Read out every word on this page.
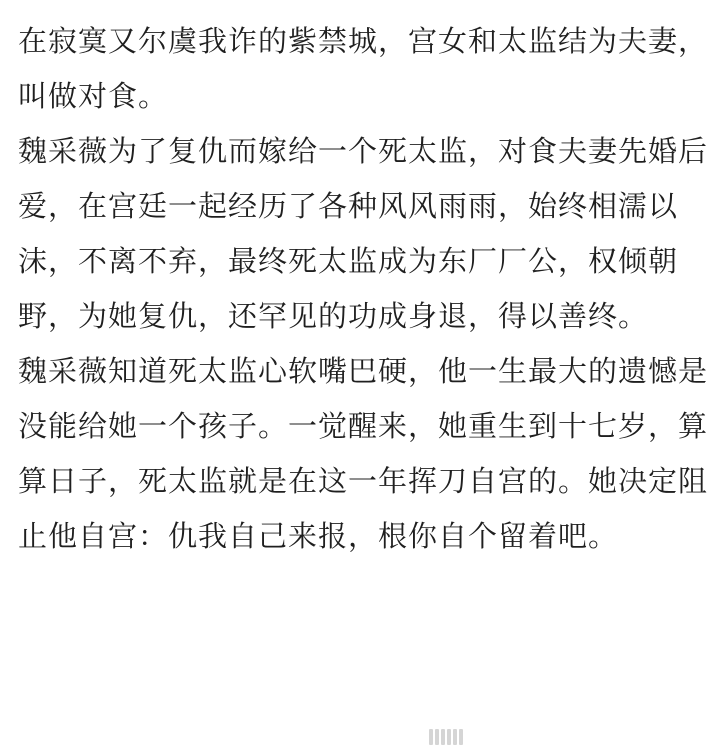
在寂寞又尔虞我诈的紫禁城，宫女和太监结为夫妻，叫做对食。

魏采薇为了复仇而嫁给一个死太监，对食夫妻先婚后爱，在宫廷一起经历了各种风风雨雨，始终相濡以沫，不离不弃，最终死太监成为东厂厂公，权倾朝野，为她复仇，还罕见的功成身退，得以善终。

魏采薇知道死太监心软嘴巴硬，他一生最大的遗憾是没能给她一个孩子。一觉醒来，她重生到十七岁，算算日子，死太监就是在这一年挥刀自宫的。她决定阻止他自宫：仇我自己来报，根你自个留着吧。
